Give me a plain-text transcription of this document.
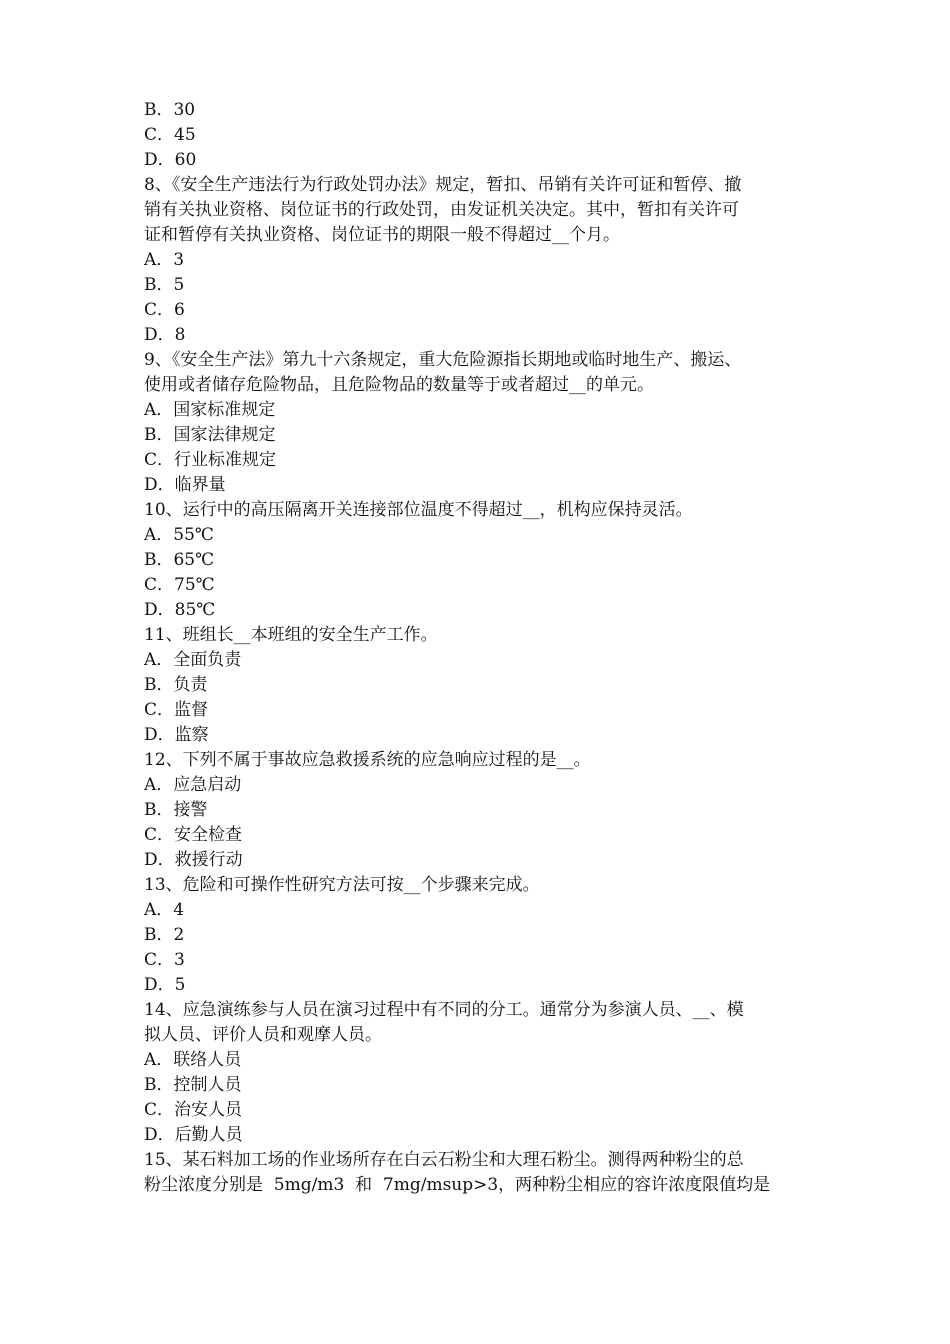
B．30
C．45
D．60
8、《安全生产违法行为行政处罚办法》规定，暂扣、吊销有关许可证和暂停、撤
销有关执业资格、岗位证书的行政处罚，由发证机关决定。其中，暂扣有关许可
证和暂停有关执业资格、岗位证书的期限一般不得超过__个月。
A．3
B．5
C．6
D．8
9、《安全生产法》第九十六条规定，重大危险源指长期地或临时地生产、搬运、
使用或者储存危险物品，且危险物品的数量等于或者超过__的单元。
A．国家标准规定
B．国家法律规定
C．行业标准规定
D．临界量
10、运行中的高压隔离开关连接部位温度不得超过__，机构应保持灵活。
A．55℃
B．65℃
C．75℃
D．85℃
11、班组长__本班组的安全生产工作。
A．全面负责
B．负责
C．监督
D．监察
12、下列不属于事故应急救援系统的应急响应过程的是__。
A．应急启动
B．接警
C．安全检查
D．救援行动
13、危险和可操作性研究方法可按__个步骤来完成。
A．4
B．2
C．3
D．5
14、应急演练参与人员在演习过程中有不同的分工。通常分为参演人员、__、模
拟人员、评价人员和观摩人员。
A．联络人员
B．控制人员
C．治安人员
D．后勤人员
15、某石料加工场的作业场所存在白云石粉尘和大理石粉尘。测得两种粉尘的总
粉尘浓度分别是  5mg/m3  和  7mg/msup>3，两种粉尘相应的容许浓度限值均是
